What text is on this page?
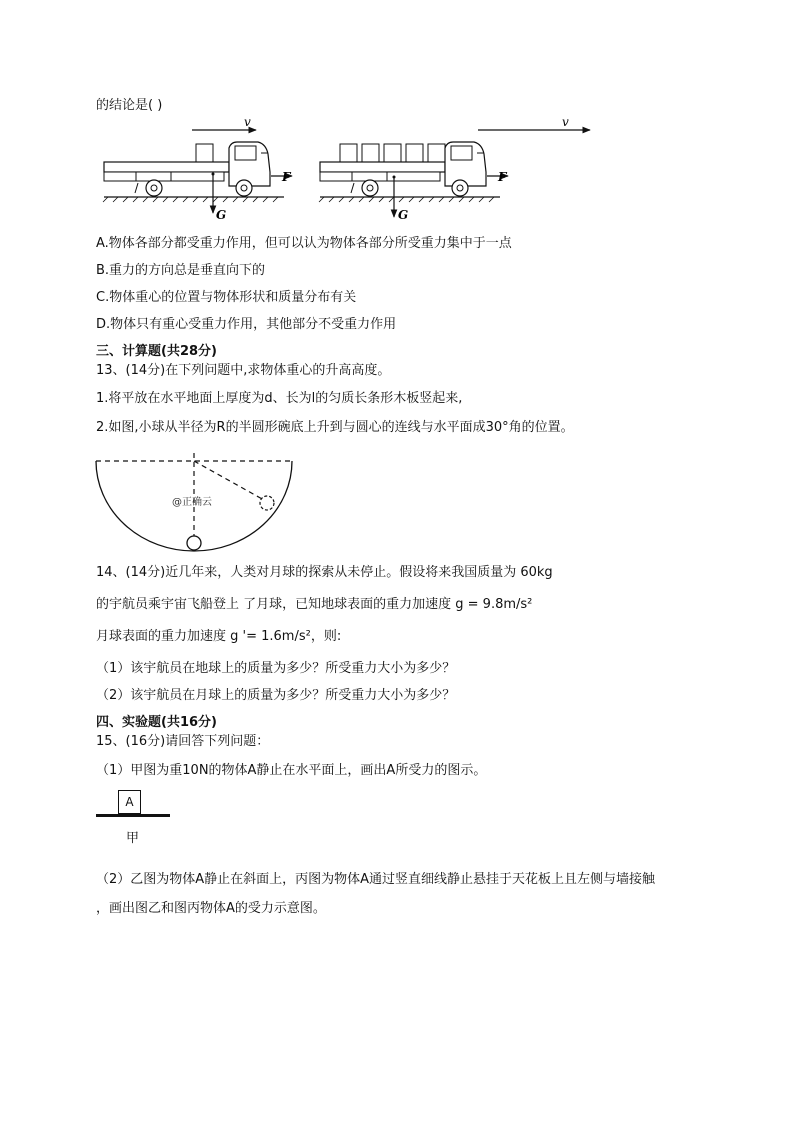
的结论是( )
v
F
G
v
F
G
A.物体各部分都受重力作用，但可以认为物体各部分所受重力集中于一点
B.重力的方向总是垂直向下的
C.物体重心的位置与物体形状和质量分布有关
D.物体只有重心受重力作用，其他部分不受重力作用
三、计算题(共28分)
13、(14分)在下列问题中,求物体重心的升高高度。
1.将平放在水平地面上厚度为d、长为l的匀质长条形木板竖起来,
2.如图,小球从半径为R的半圆形碗底上升到与圆心的连线与水平面成30°角的位置。
@正确云
14、(14分)近几年来，人类对月球的探索从未停止。假设将来我国质量为 60kg
的宇航员乘宇宙飞船登上 了月球，已知地球表面的重力加速度 g = 9.8m/s²
月球表面的重力加速度 g '= 1.6m/s²，则:
（1）该宇航员在地球上的质量为多少？所受重力大小为多少？
（2）该宇航员在月球上的质量为多少？所受重力大小为多少？
四、实验题(共16分)
15、(16分)请回答下列问题：
（1）甲图为重10N的物体A静止在水平面上，画出A所受力的图示。
A
甲
（2）乙图为物体A静止在斜面上，丙图为物体A通过竖直细线静止悬挂于天花板上且左侧与墙接触
，画出图乙和图丙物体A的受力示意图。
